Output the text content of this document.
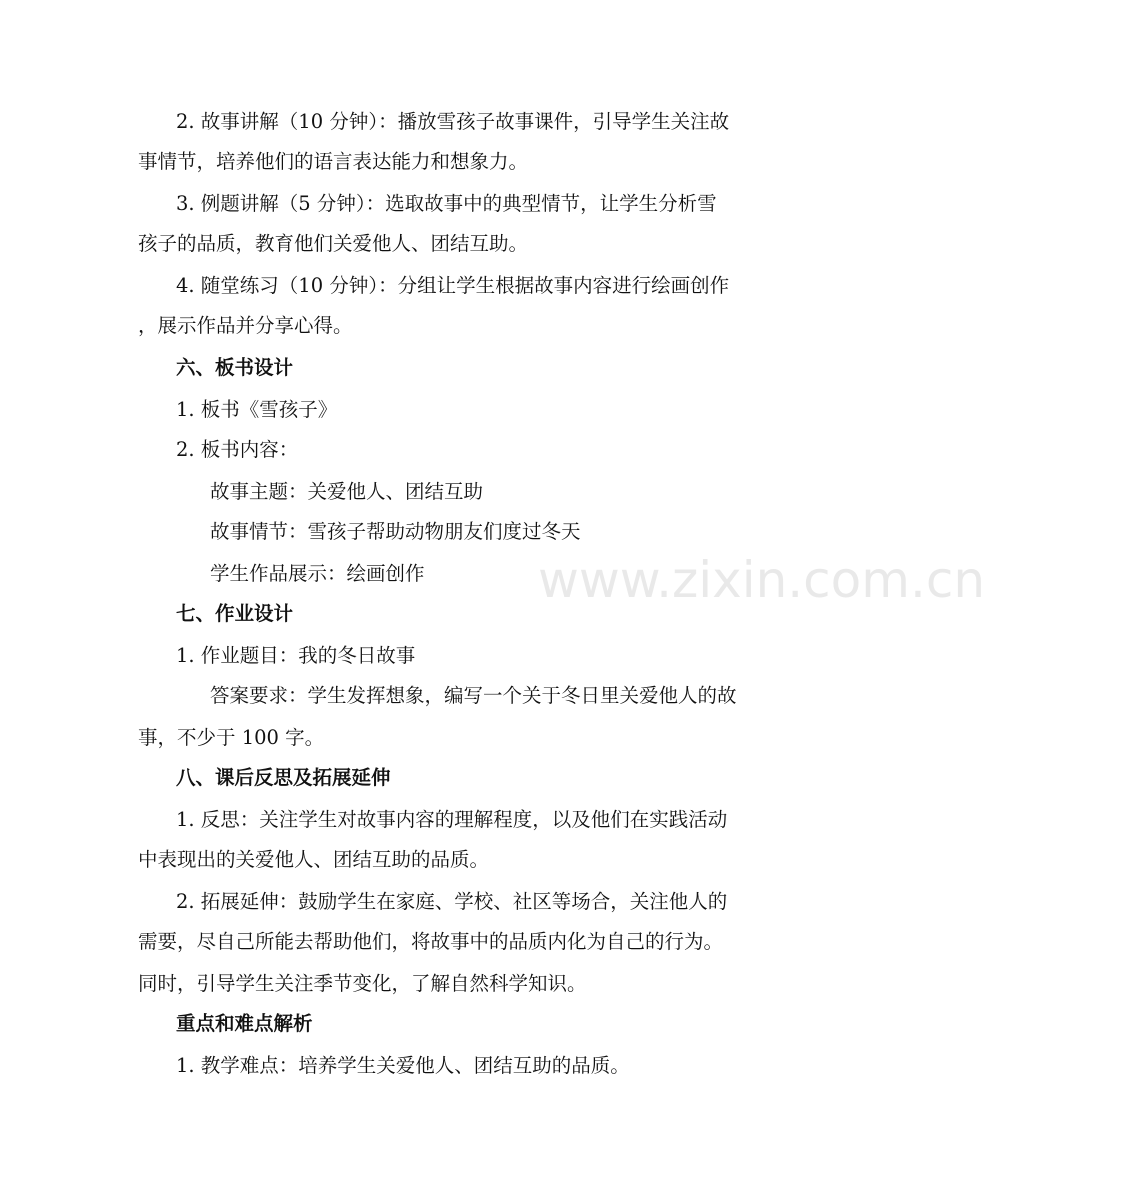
2. 故事讲解（10 分钟）：播放雪孩子故事课件，引导学生关注故
事情节，培养他们的语言表达能力和想象力。
3. 例题讲解（5 分钟）：选取故事中的典型情节，让学生分析雪
孩子的品质，教育他们关爱他人、团结互助。
4. 随堂练习（10 分钟）：分组让学生根据故事内容进行绘画创作
，展示作品并分享心得。
六、板书设计
1. 板书《雪孩子》
2. 板书内容：
故事主题：关爱他人、团结互助
故事情节：雪孩子帮助动物朋友们度过冬天
学生作品展示：绘画创作
七、作业设计
1. 作业题目：我的冬日故事
答案要求：学生发挥想象，编写一个关于冬日里关爱他人的故
事，不少于 100 字。
八、课后反思及拓展延伸
1. 反思：关注学生对故事内容的理解程度，以及他们在实践活动
中表现出的关爱他人、团结互助的品质。
2. 拓展延伸：鼓励学生在家庭、学校、社区等场合，关注他人的
需要，尽自己所能去帮助他们，将故事中的品质内化为自己的行为。
同时，引导学生关注季节变化，了解自然科学知识。
重点和难点解析
1. 教学难点：培养学生关爱他人、团结互助的品质。
www.zixin.com.cn
